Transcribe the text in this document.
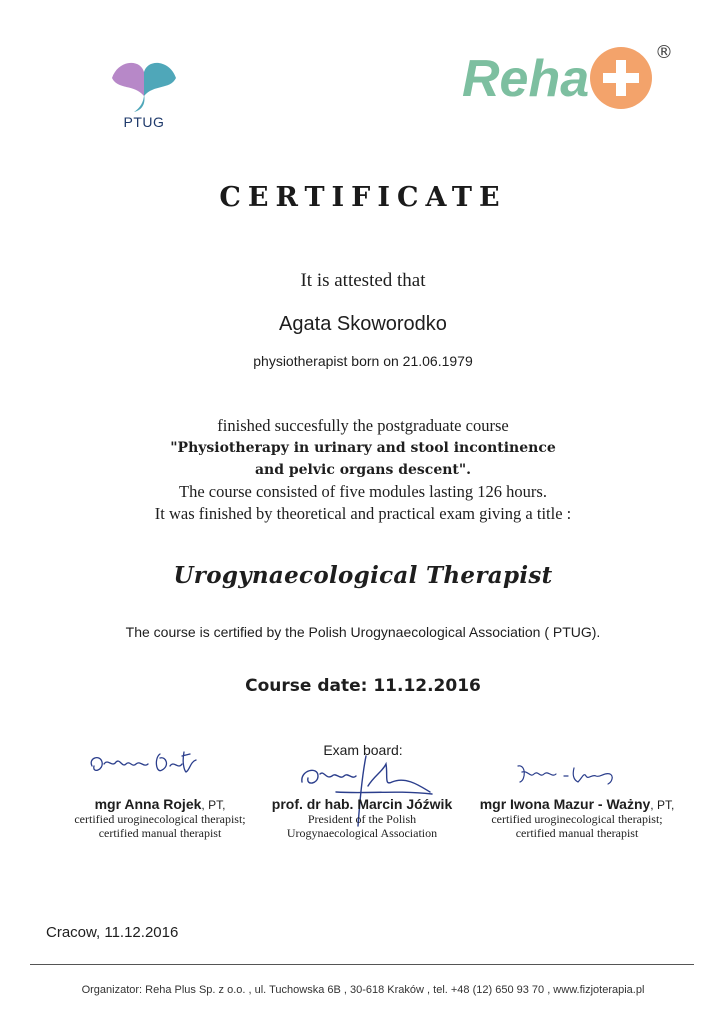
PTUG
Reha	®
CERTIFICATE
It is attested that
Agata Skoworodko
physiotherapist born on 21.06.1979
finished succesfully the postgraduate course
"Physiotherapy in urinary and stool incontinence
and pelvic organs descent".
The course consisted of five modules lasting 126 hours.
It was finished by theoretical and practical exam giving a title :
Urogynaecological Therapist
The course is certified by the Polish Urogynaecological Association ( PTUG).
Course date: 11.12.2016
Exam board:
mgr Anna Rojek, PT,
certified uroginecological therapist;
certified manual therapist
prof. dr hab. Marcin Jóźwik
President of the Polish
Urogynaecological Association
mgr Iwona Mazur - Ważny, PT,
certified uroginecological therapist;
certified manual therapist
Cracow, 11.12.2016
Organizator: Reha Plus Sp. z o.o. , ul. Tuchowska 6B , 30-618 Kraków , tel. +48 (12) 650 93 70 , www.fizjoterapia.pl
